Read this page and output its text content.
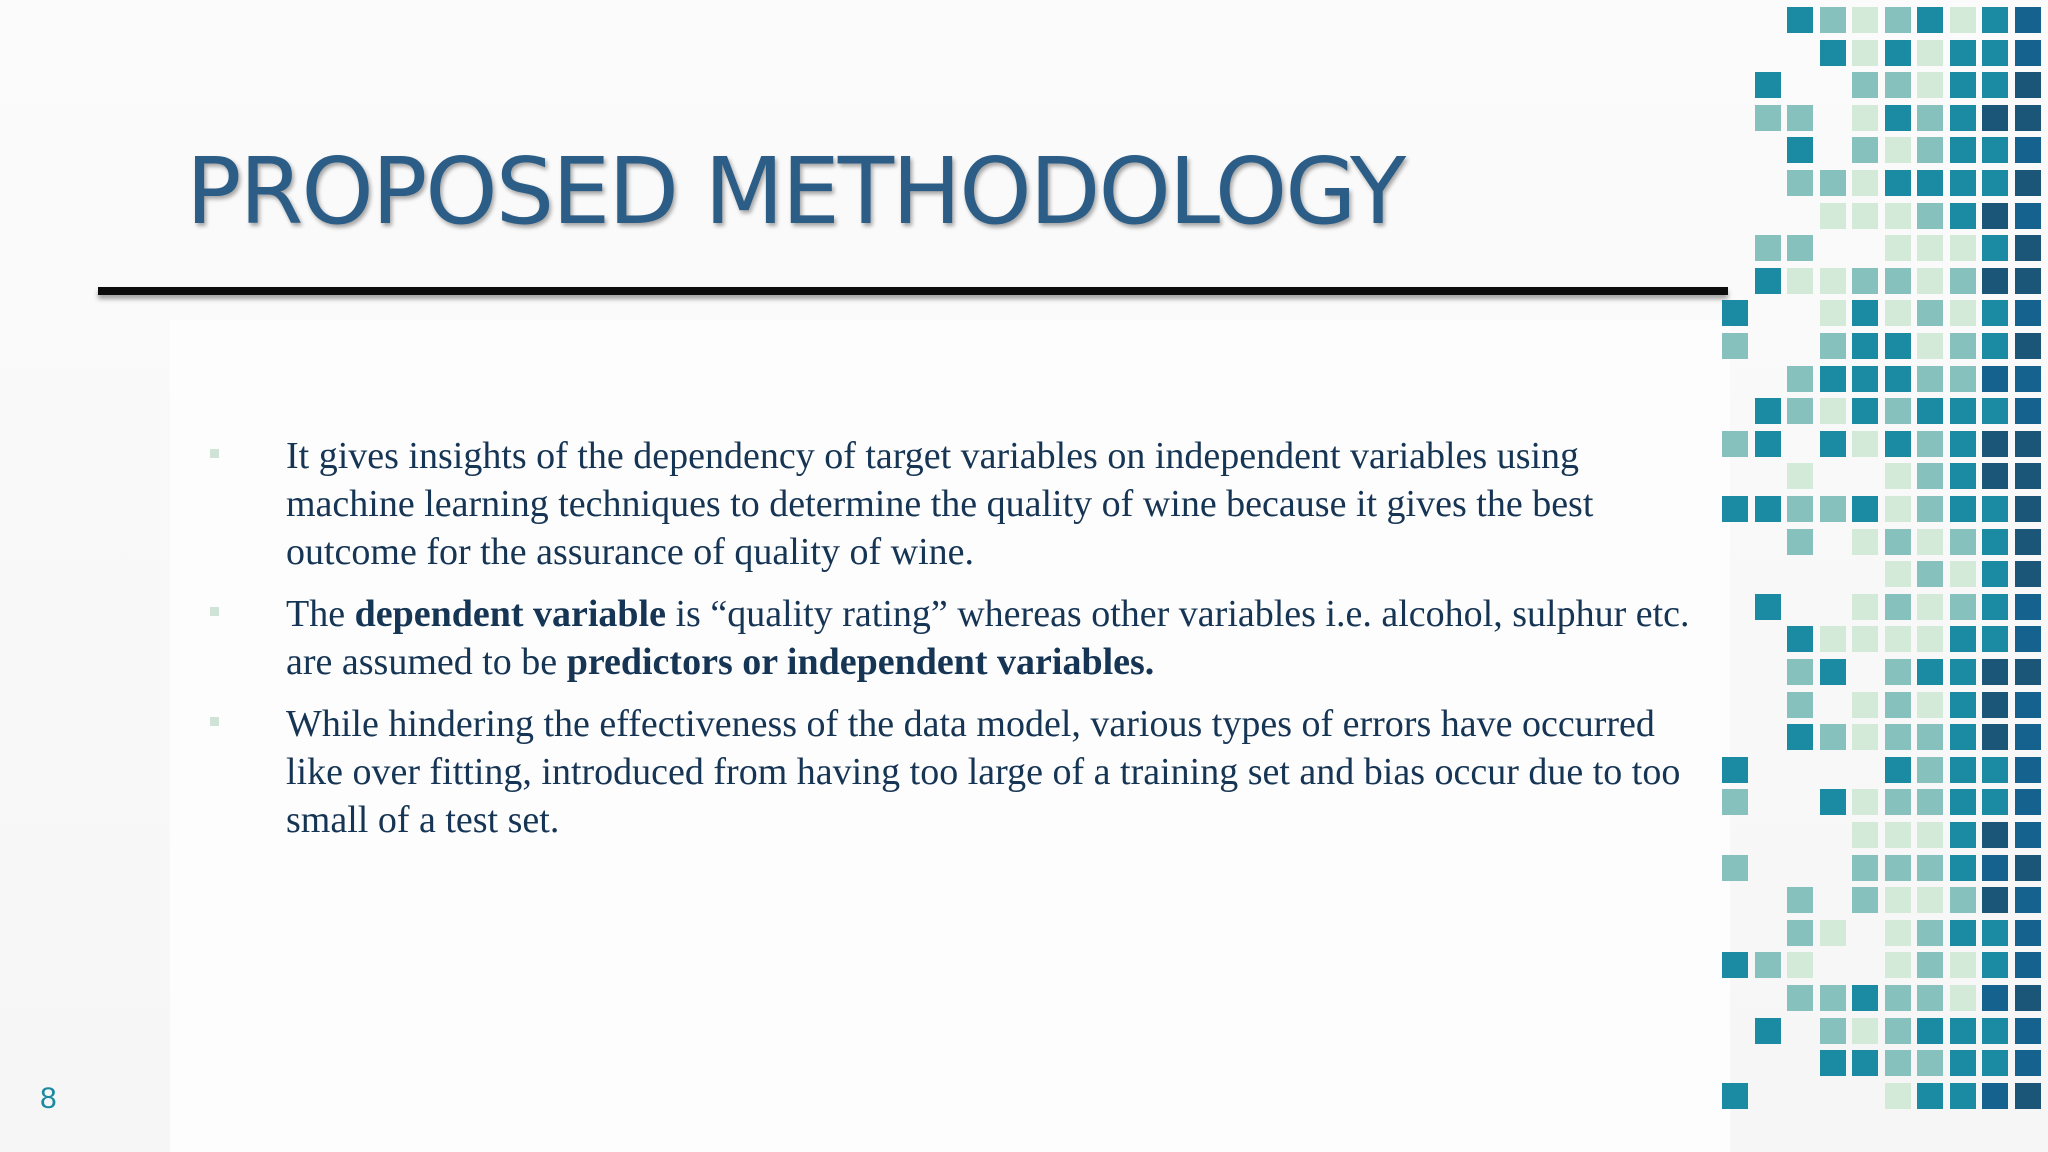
PROPOSED METHODOLOGY
It gives insights of the dependency of target variables on independent variables using machine learning techniques to determine the quality of wine because it gives the best outcome for the assurance of quality of wine.
The dependent variable is “quality rating” whereas other variables i.e. alcohol, sulphur etc. are assumed to be predictors or independent variables.
While hindering the effectiveness of the data model, various types of errors have occurred like over fitting, introduced from having too large of a training set and bias occur due to too small of a test set.
8
